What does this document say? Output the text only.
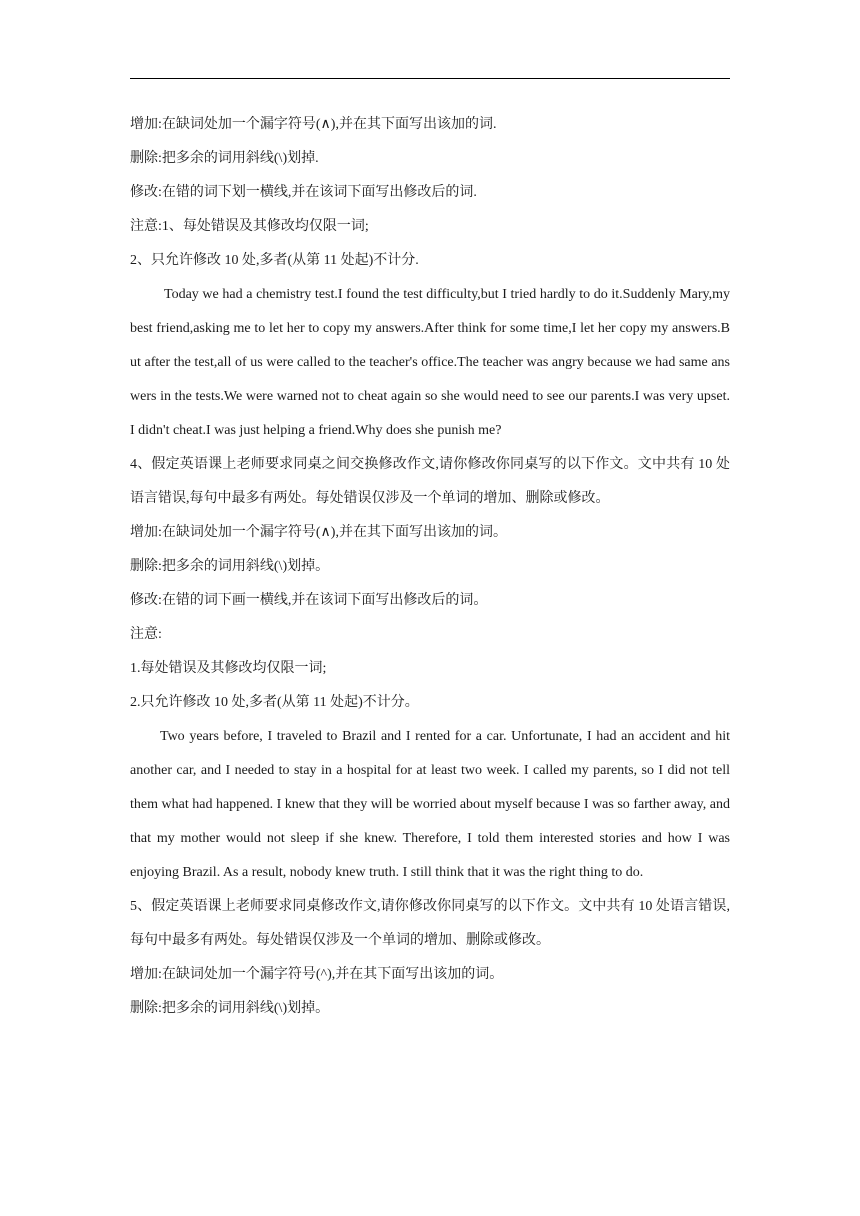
增加:在缺词处加一个漏字符号(∧),并在其下面写出该加的词.
删除:把多余的词用斜线(\)划掉.
修改:在错的词下划一横线,并在该词下面写出修改后的词.
注意:1、每处错误及其修改均仅限一词;
2、只允许修改 10 处,多者(从第 11 处起)不计分.

Today we had a chemistry test.I found the test difficulty,but I tried hardly to do it.Suddenly Mary,my best friend,asking me to let her to copy my answers.After think for some time,I let her copy my answers.But after the test,all of us were called to the teacher's office.The teacher was angry because we had same answers in the tests.We were warned not to cheat again so she would need to see our parents.I was very upset.I didn't cheat.I was just helping a friend.Why does she punish me?

4、假定英语课上老师要求同桌之间交换修改作文,请你修改你同桌写的以下作文。文中共有 10 处语言错误,每句中最多有两处。每处错误仅涉及一个单词的增加、删除或修改。

增加:在缺词处加一个漏字符号(∧),并在其下面写出该加的词。
删除:把多余的词用斜线(\)划掉。
修改:在错的词下画一横线,并在该词下面写出修改后的词。
注意:
1.每处错误及其修改均仅限一词;
2.只允许修改 10 处,多者(从第 11 处起)不计分。

Two years before, I traveled to Brazil and I rented for a car. Unfortunate, I had an accident and hit another car, and I needed to stay in a hospital for at least two week. I called my parents, so I did not tell them what had happened. I knew that they will be worried about myself because I was so farther away, and that my mother would not sleep if she knew. Therefore, I told them interested stories and how I was enjoying Brazil. As a result, nobody knew truth. I still think that it was the right thing to do.

5、假定英语课上老师要求同桌修改作文,请你修改你同桌写的以下作文。文中共有 10 处语言错误,每句中最多有两处。每处错误仅涉及一个单词的增加、删除或修改。

增加:在缺词处加一个漏字符号(^),并在其下面写出该加的词。
删除:把多余的词用斜线(\)划掉。
